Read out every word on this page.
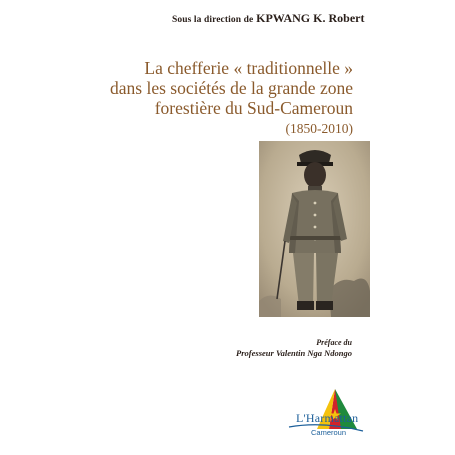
Sous la direction de KPWANG K. Robert
La chefferie « traditionnelle »
dans les sociétés de la grande zone
forestière du Sud-Cameroun
(1850-2010)
Préface du
Professeur Valentin Nga Ndongo
L'Harmattan
Cameroun
